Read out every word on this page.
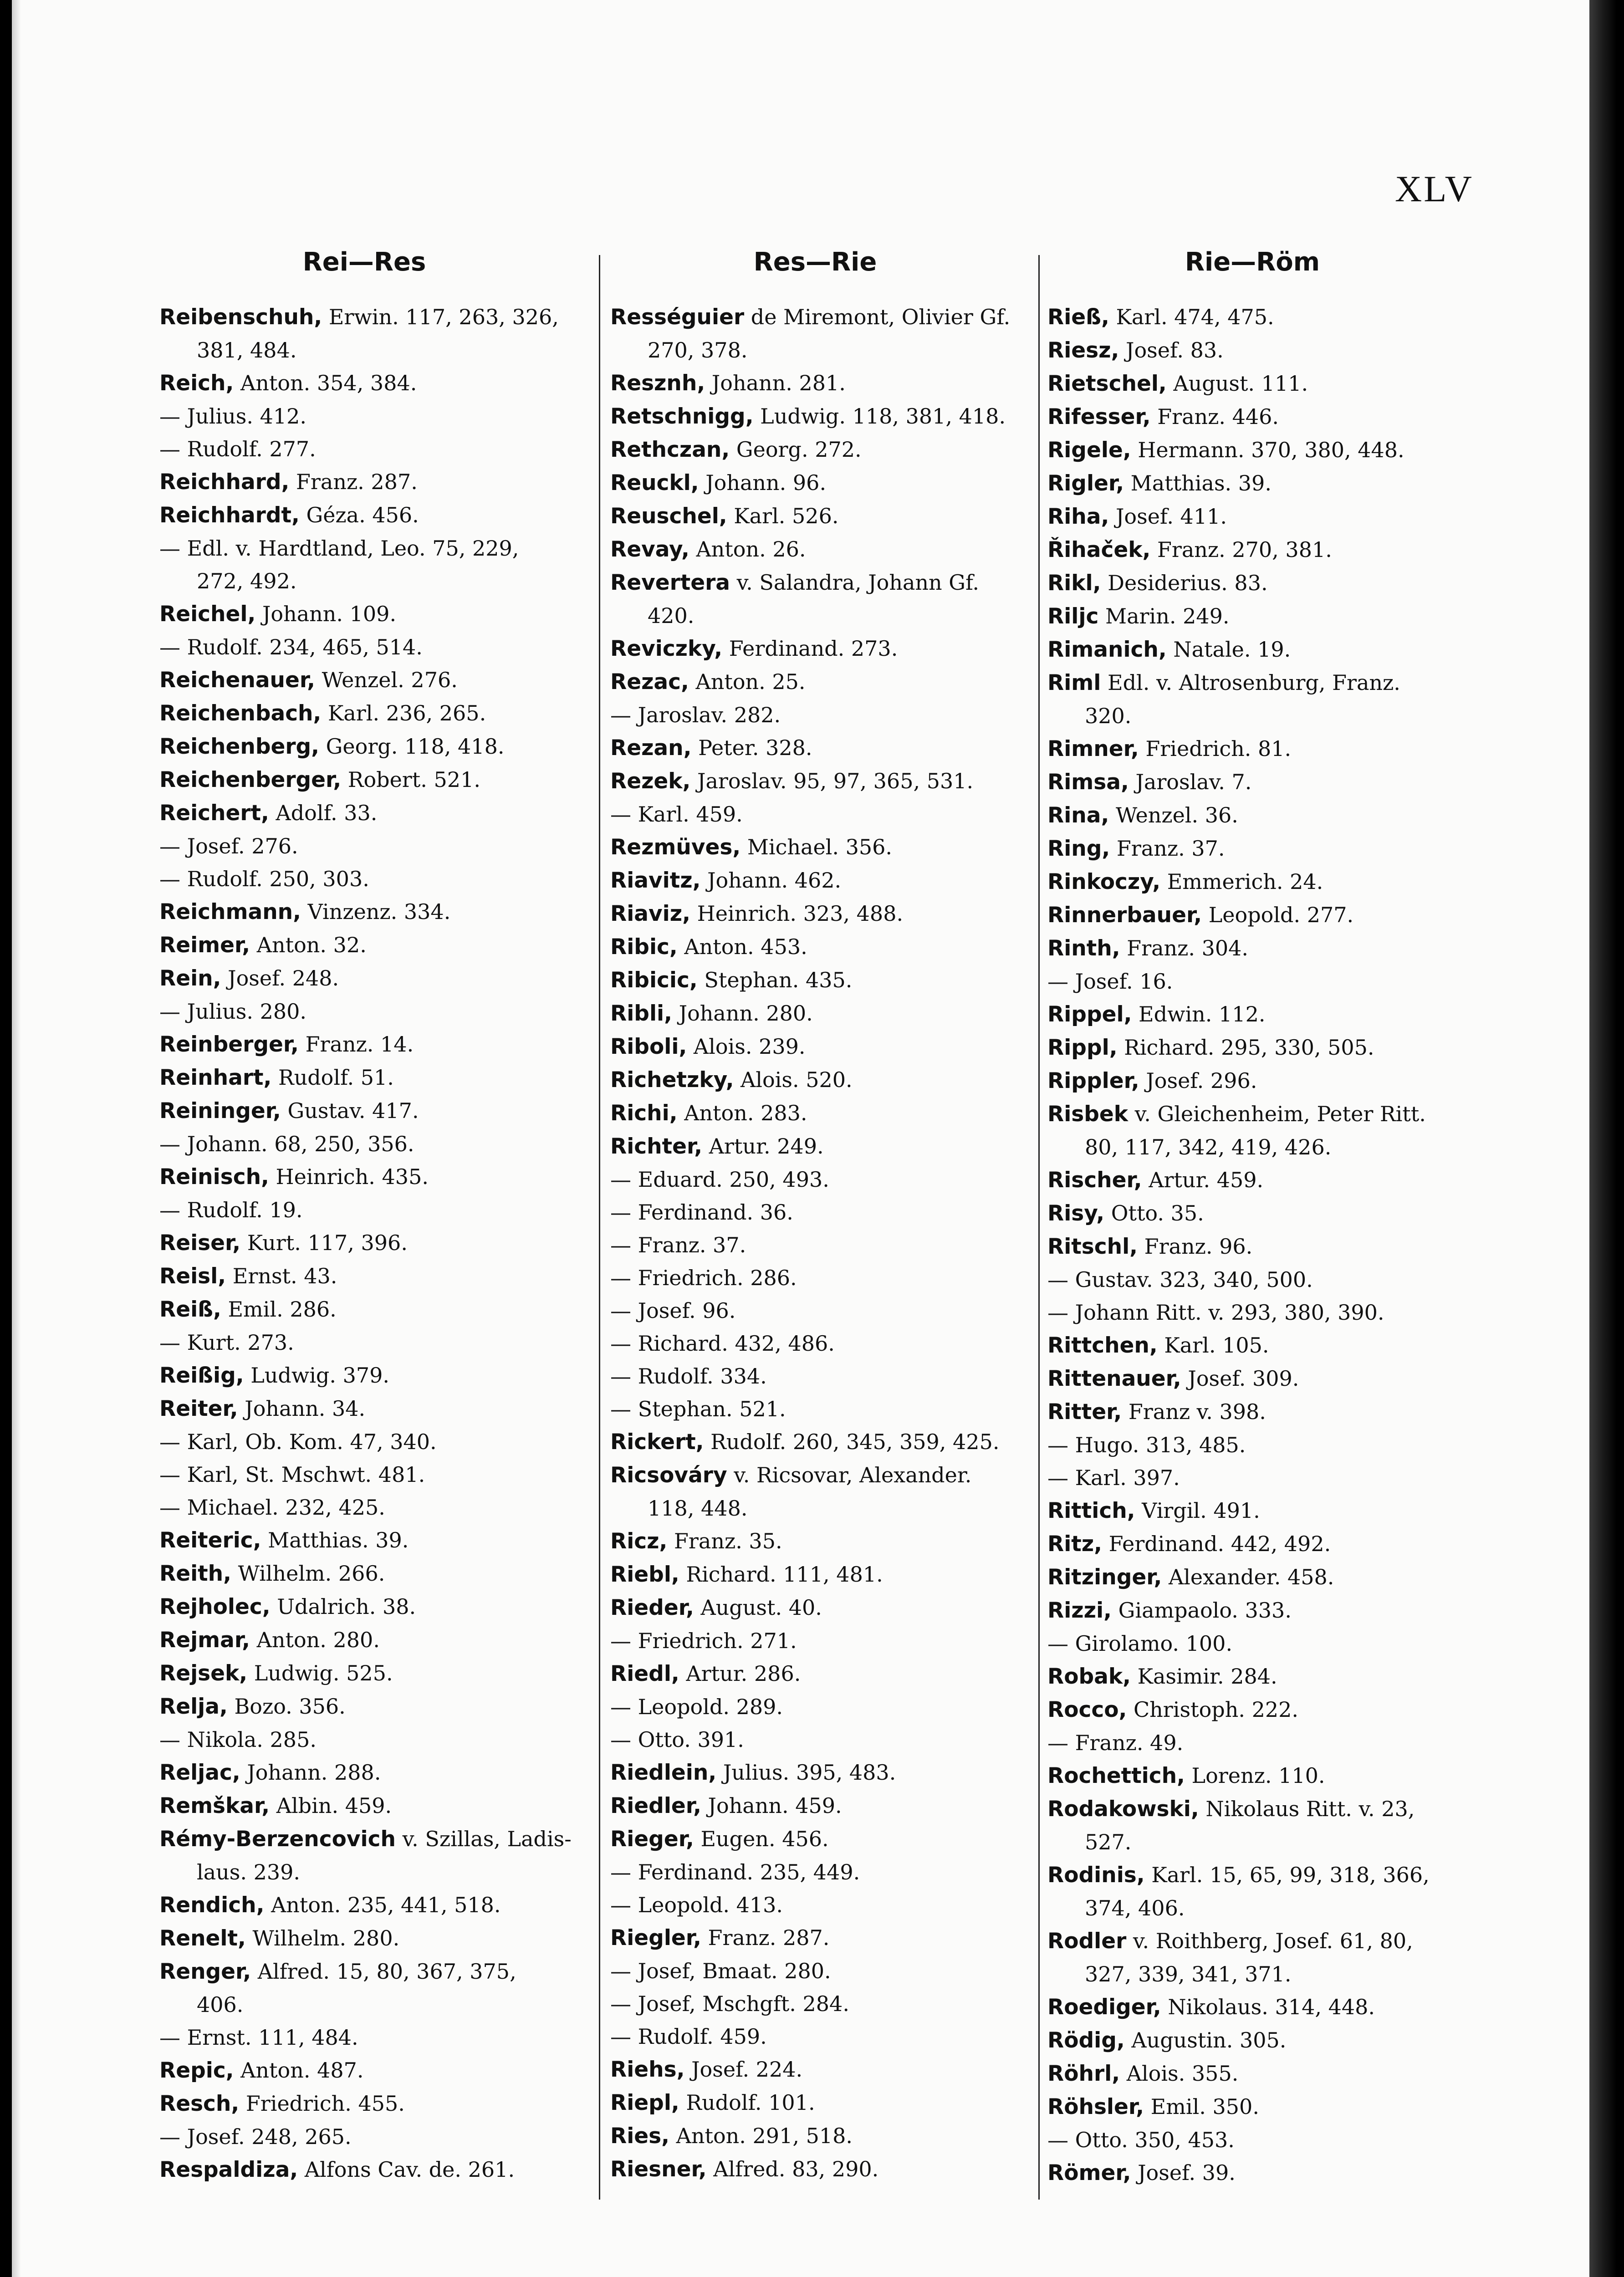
XLV
Rei—Res
Reibenschuh, Erwin. 117, 263, 326,
381, 484.
Reich, Anton. 354, 384.
— Julius. 412.
— Rudolf. 277.
Reichhard, Franz. 287.
Reichhardt, Géza. 456.
— Edl. v. Hardtland, Leo. 75, 229,
272, 492.
Reichel, Johann. 109.
— Rudolf. 234, 465, 514.
Reichenauer, Wenzel. 276.
Reichenbach, Karl. 236, 265.
Reichenberg, Georg. 118, 418.
Reichenberger, Robert. 521.
Reichert, Adolf. 33.
— Josef. 276.
— Rudolf. 250, 303.
Reichmann, Vinzenz. 334.
Reimer, Anton. 32.
Rein, Josef. 248.
— Julius. 280.
Reinberger, Franz. 14.
Reinhart, Rudolf. 51.
Reininger, Gustav. 417.
— Johann. 68, 250, 356.
Reinisch, Heinrich. 435.
— Rudolf. 19.
Reiser, Kurt. 117, 396.
Reisl, Ernst. 43.
Reiß, Emil. 286.
— Kurt. 273.
Reißig, Ludwig. 379.
Reiter, Johann. 34.
— Karl, Ob. Kom. 47, 340.
— Karl, St. Mschwt. 481.
— Michael. 232, 425.
Reiteric, Matthias. 39.
Reith, Wilhelm. 266.
Rejholec, Udalrich. 38.
Rejmar, Anton. 280.
Rejsek, Ludwig. 525.
Relja, Bozo. 356.
— Nikola. 285.
Reljac, Johann. 288.
Remškar, Albin. 459.
Rémy-Berzencovich v. Szillas, Ladis-
laus. 239.
Rendich, Anton. 235, 441, 518.
Renelt, Wilhelm. 280.
Renger, Alfred. 15, 80, 367, 375,
406.
— Ernst. 111, 484.
Repic, Anton. 487.
Resch, Friedrich. 455.
— Josef. 248, 265.
Respaldiza, Alfons Cav. de. 261.
Res—Rie
Rességuier de Miremont, Olivier Gf.
270, 378.
Resznh, Johann. 281.
Retschnigg, Ludwig. 118, 381, 418.
Rethczan, Georg. 272.
Reuckl, Johann. 96.
Reuschel, Karl. 526.
Revay, Anton. 26.
Revertera v. Salandra, Johann Gf.
420.
Reviczky, Ferdinand. 273.
Rezac, Anton. 25.
— Jaroslav. 282.
Rezan, Peter. 328.
Rezek, Jaroslav. 95, 97, 365, 531.
— Karl. 459.
Rezmüves, Michael. 356.
Riavitz, Johann. 462.
Riaviz, Heinrich. 323, 488.
Ribic, Anton. 453.
Ribicic, Stephan. 435.
Ribli, Johann. 280.
Riboli, Alois. 239.
Richetzky, Alois. 520.
Richi, Anton. 283.
Richter, Artur. 249.
— Eduard. 250, 493.
— Ferdinand. 36.
— Franz. 37.
— Friedrich. 286.
— Josef. 96.
— Richard. 432, 486.
— Rudolf. 334.
— Stephan. 521.
Rickert, Rudolf. 260, 345, 359, 425.
Ricsováry v. Ricsovar, Alexander.
118, 448.
Ricz, Franz. 35.
Riebl, Richard. 111, 481.
Rieder, August. 40.
— Friedrich. 271.
Riedl, Artur. 286.
— Leopold. 289.
— Otto. 391.
Riedlein, Julius. 395, 483.
Riedler, Johann. 459.
Rieger, Eugen. 456.
— Ferdinand. 235, 449.
— Leopold. 413.
Riegler, Franz. 287.
— Josef, Bmaat. 280.
— Josef, Mschgft. 284.
— Rudolf. 459.
Riehs, Josef. 224.
Riepl, Rudolf. 101.
Ries, Anton. 291, 518.
Riesner, Alfred. 83, 290.
Rie—Röm
Rieß, Karl. 474, 475.
Riesz, Josef. 83.
Rietschel, August. 111.
Rifesser, Franz. 446.
Rigele, Hermann. 370, 380, 448.
Rigler, Matthias. 39.
Riha, Josef. 411.
Řihaček, Franz. 270, 381.
Rikl, Desiderius. 83.
Riljc Marin. 249.
Rimanich, Natale. 19.
Riml Edl. v. Altrosenburg, Franz.
320.
Rimner, Friedrich. 81.
Rimsa, Jaroslav. 7.
Rina, Wenzel. 36.
Ring, Franz. 37.
Rinkoczy, Emmerich. 24.
Rinnerbauer, Leopold. 277.
Rinth, Franz. 304.
— Josef. 16.
Rippel, Edwin. 112.
Rippl, Richard. 295, 330, 505.
Rippler, Josef. 296.
Risbek v. Gleichenheim, Peter Ritt.
80, 117, 342, 419, 426.
Rischer, Artur. 459.
Risy, Otto. 35.
Ritschl, Franz. 96.
— Gustav. 323, 340, 500.
— Johann Ritt. v. 293, 380, 390.
Rittchen, Karl. 105.
Rittenauer, Josef. 309.
Ritter, Franz v. 398.
— Hugo. 313, 485.
— Karl. 397.
Rittich, Virgil. 491.
Ritz, Ferdinand. 442, 492.
Ritzinger, Alexander. 458.
Rizzi, Giampaolo. 333.
— Girolamo. 100.
Robak, Kasimir. 284.
Rocco, Christoph. 222.
— Franz. 49.
Rochettich, Lorenz. 110.
Rodakowski, Nikolaus Ritt. v. 23,
527.
Rodinis, Karl. 15, 65, 99, 318, 366,
374, 406.
Rodler v. Roithberg, Josef. 61, 80,
327, 339, 341, 371.
Roediger, Nikolaus. 314, 448.
Rödig, Augustin. 305.
Röhrl, Alois. 355.
Röhsler, Emil. 350.
— Otto. 350, 453.
Römer, Josef. 39.
